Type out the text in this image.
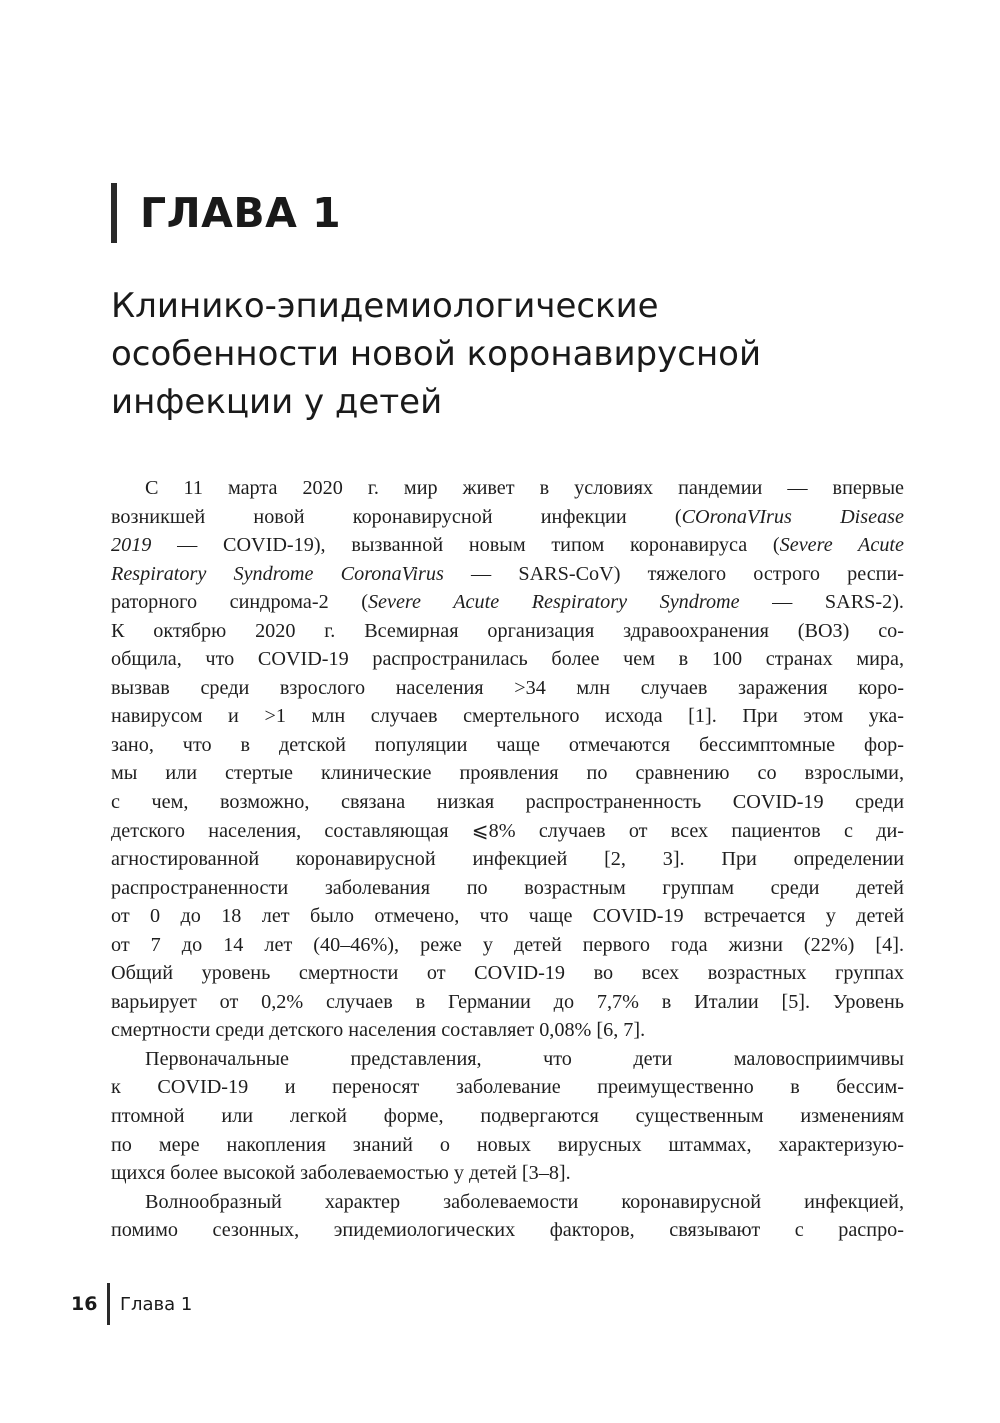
ГЛАВА 1
Клинико-эпидемиологические
особенности новой коронавирусной
инфекции у детей
С 11 марта 2020 г. мир живет в условиях пандемии — впервые
возникшей новой коронавирусной инфекции (COronaVIrus Disease
2019 — COVID-19), вызванной новым типом коронавируса (Severe Acute
Respiratory Syndrome CoronaVirus — SARS-CoV) тяжелого острого респи-
раторного синдрома-2 (Severe Acute Respiratory Syndrome — SARS-2).
К октябрю 2020 г. Всемирная организация здравоохранения (ВОЗ) со-
общила, что COVID-19 распространилась более чем в 100 странах мира,
вызвав среди взрослого населения >34 млн случаев заражения коро-
навирусом и >1 млн случаев смертельного исхода [1]. При этом ука-
зано, что в детской популяции чаще отмечаются бессимптомные фор-
мы или стертые клинические проявления по сравнению со взрослыми,
с чем, возможно, связана низкая распространенность COVID-19 среди
детского населения, составляющая ⩽8% случаев от всех пациентов с ди-
агностированной коронавирусной инфекцией [2, 3]. При определении
распространенности заболевания по возрастным группам среди детей
от 0 до 18 лет было отмечено, что чаще COVID-19 встречается у детей
от 7 до 14 лет (40–46%), реже у детей первого года жизни (22%) [4].
Общий уровень смертности от COVID-19 во всех возрастных группах
варьирует от 0,2% случаев в Германии до 7,7% в Италии [5]. Уровень
смертности среди детского населения составляет 0,08% [6, 7].
Первоначальные представления, что дети маловосприимчивы
к COVID-19 и переносят заболевание преимущественно в бессим-
птомной или легкой форме, подвергаются существенным изменениям
по мере накопления знаний о новых вирусных штаммах, характеризую-
щихся более высокой заболеваемостью у детей [3–8].
Волнообразный характер заболеваемости коронавирусной инфекцией,
помимо сезонных, эпидемиологических факторов, связывают с распро-
16	Глава 1
